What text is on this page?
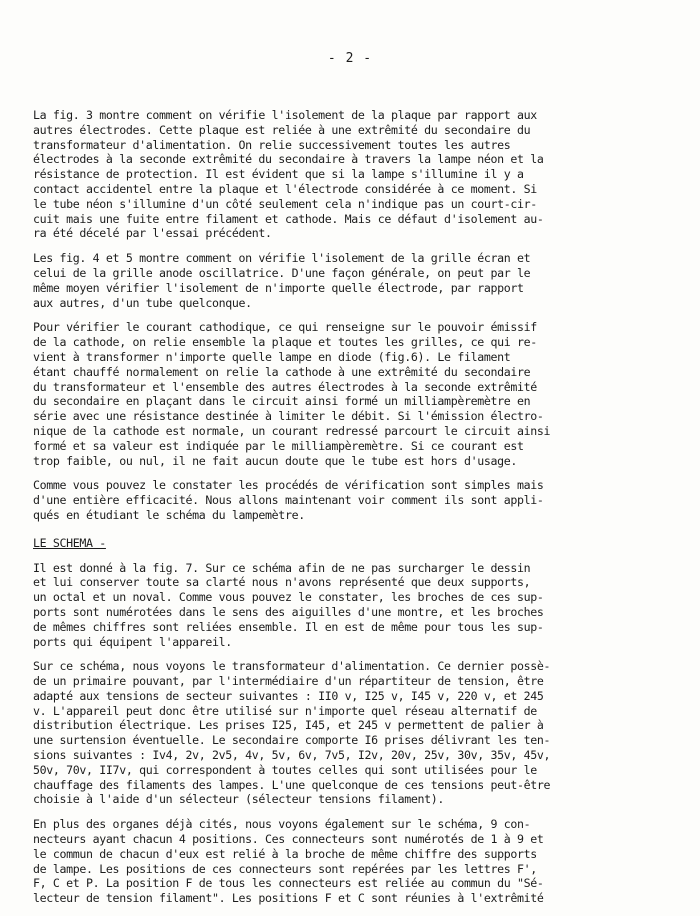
- 2 -
La fig. 3 montre comment on vérifie l'isolement de la plaque par rapport aux
autres électrodes. Cette plaque est reliée à une extrêmité du secondaire du
transformateur d'alimentation. On relie successivement toutes les autres
électrodes à la seconde extrêmité du secondaire à travers la lampe néon et la
résistance de protection. Il est évident que si la lampe s'illumine il y a
contact accidentel entre la plaque et l'électrode considérée à ce moment. Si
le tube néon s'illumine d'un côté seulement cela n'indique pas un court-cir-
cuit mais une fuite entre filament et cathode. Mais ce défaut d'isolement au-
ra été décelé par l'essai précédent.
Les fig. 4 et 5 montre comment on vérifie l'isolement de la grille écran et
celui de la grille anode oscillatrice. D'une façon générale, on peut par le
même moyen vérifier l'isolement de n'importe quelle électrode, par rapport
aux autres, d'un tube quelconque.
Pour vérifier le courant cathodique, ce qui renseigne sur le pouvoir émissif
de la cathode, on relie ensemble la plaque et toutes les grilles, ce qui re-
vient à transformer n'importe quelle lampe en diode (fig.6). Le filament
étant chauffé normalement on relie la cathode à une extrêmité du secondaire
du transformateur et l'ensemble des autres électrodes à la seconde extrêmité
du secondaire en plaçant dans le circuit ainsi formé un milliampèremètre en
série avec une résistance destinée à limiter le débit. Si l'émission électro-
nique de la cathode est normale, un courant redressé parcourt le circuit ainsi
formé et sa valeur est indiquée par le milliampèremètre. Si ce courant est
trop faible, ou nul, il ne fait aucun doute que le tube est hors d'usage.
Comme vous pouvez le constater les procédés de vérification sont simples mais
d'une entière efficacité. Nous allons maintenant voir comment ils sont appli-
qués en étudiant le schéma du lampemètre.
LE SCHEMA -
Il est donné à la fig. 7. Sur ce schéma afin de ne pas surcharger le dessin
et lui conserver toute sa clarté nous n'avons représenté que deux supports,
un octal et un noval. Comme vous pouvez le constater, les broches de ces sup-
ports sont numérotées dans le sens des aiguilles d'une montre, et les broches
de mêmes chiffres sont reliées ensemble. Il en est de même pour tous les sup-
ports qui équipent l'appareil.
Sur ce schéma, nous voyons le transformateur d'alimentation. Ce dernier possè-
de un primaire pouvant, par l'intermédiaire d'un répartiteur de tension, être
adapté aux tensions de secteur suivantes : II0 v, I25 v, I45 v, 220 v, et 245
v. L'appareil peut donc être utilisé sur n'importe quel réseau alternatif de
distribution électrique. Les prises I25, I45, et 245 v permettent de palier à
une surtension éventuelle. Le secondaire comporte I6 prises délivrant les ten-
sions suivantes : Iv4, 2v, 2v5, 4v, 5v, 6v, 7v5, I2v, 20v, 25v, 30v, 35v, 45v,
50v, 70v, II7v, qui correspondent à toutes celles qui sont utilisées pour le
chauffage des filaments des lampes. L'une quelconque de ces tensions peut-être
choisie à l'aide d'un sélecteur (sélecteur tensions filament).
En plus des organes déjà cités, nous voyons également sur le schéma, 9 con-
necteurs ayant chacun 4 positions. Ces connecteurs sont numérotés de 1 à 9 et
le commun de chacun d'eux est relié à la broche de même chiffre des supports
de lampe. Les positions de ces connecteurs sont repérées par les lettres F',
F, C et P. La position F de tous les connecteurs est reliée au commun du "Sé-
lecteur de tension filament". Les positions F et C sont réunies à l'extrêmité
